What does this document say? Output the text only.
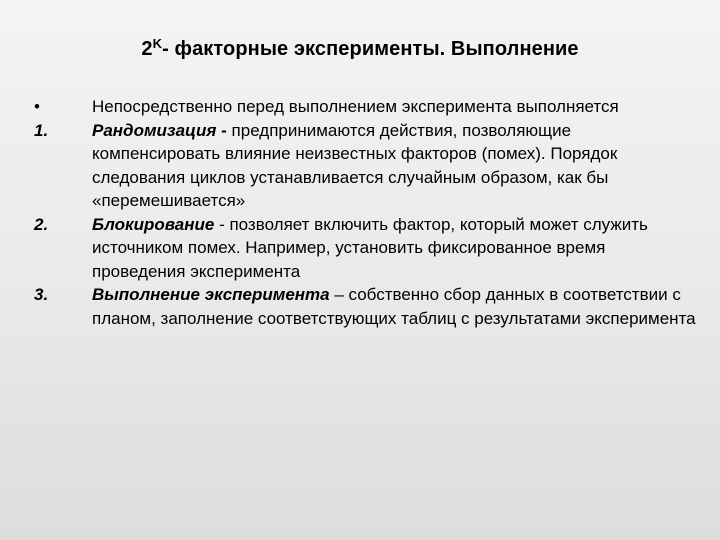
$2^K-$ факторные эксперименты. Выполнение
•	Непосредственно перед выполнением эксперимента выполняется
1.	Рандомизация - предпринимаются действия, позволяющие компенсировать влияние неизвестных факторов (помех). Порядок следования циклов устанавливается случайным образом, как бы «перемешивается»
2.	Блокирование - позволяет включить фактор, который может служить источником помех. Например, установить фиксированное время проведения эксперимента
3.	Выполнение эксперимента – собственно сбор данных в соответствии с планом, заполнение соответствующих таблиц с результатами эксперимента
